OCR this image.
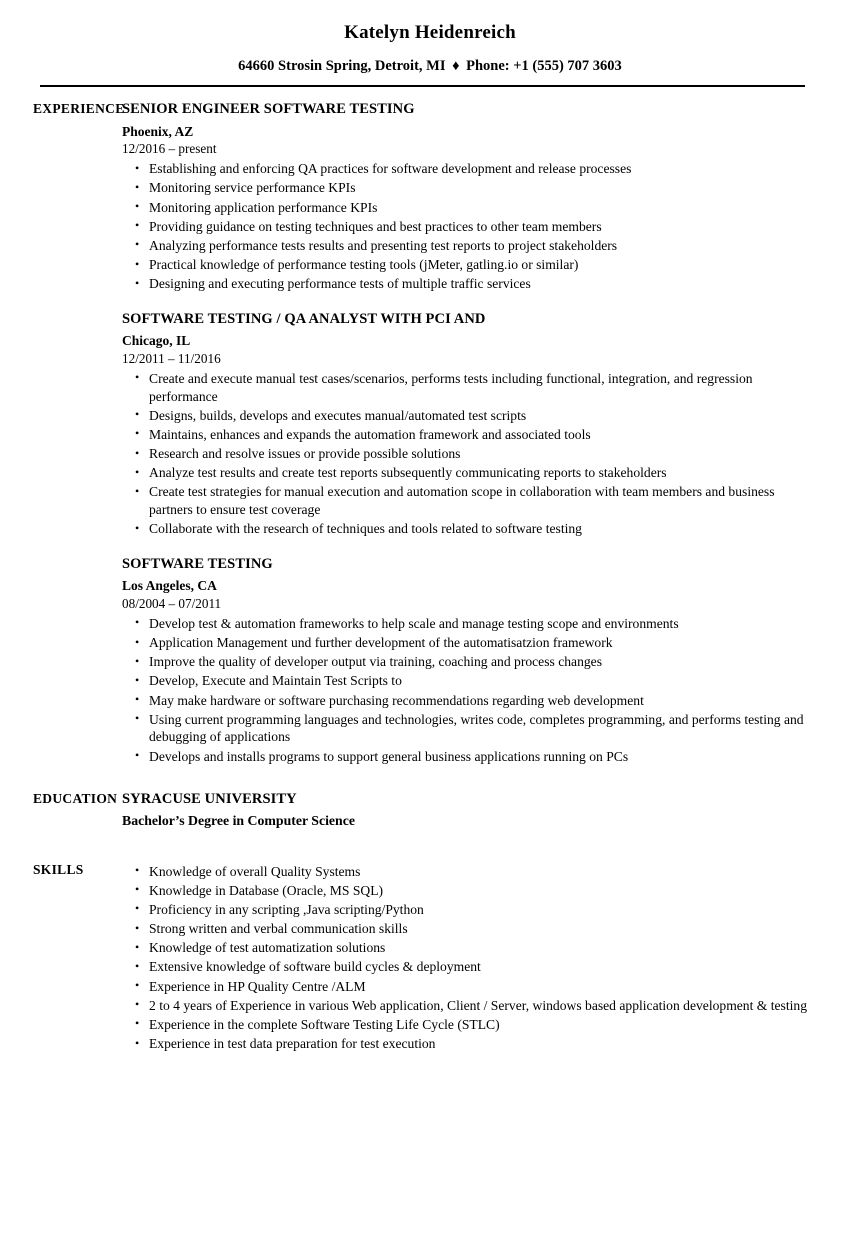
Katelyn Heidenreich
64660 Strosin Spring, Detroit, MI ♦ Phone: +1 (555) 707 3603
EXPERIENCE
SENIOR ENGINEER SOFTWARE TESTING
Phoenix, AZ
12/2016 – present
• Establishing and enforcing QA practices for software development and release processes
• Monitoring service performance KPIs
• Monitoring application performance KPIs
• Providing guidance on testing techniques and best practices to other team members
• Analyzing performance tests results and presenting test reports to project stakeholders
• Practical knowledge of performance testing tools (jMeter, gatling.io or similar)
• Designing and executing performance tests of multiple traffic services
SOFTWARE TESTING / QA ANALYST WITH PCI AND
Chicago, IL
12/2011 – 11/2016
• Create and execute manual test cases/scenarios, performs tests including functional, integration, and regression performance
• Designs, builds, develops and executes manual/automated test scripts
• Maintains, enhances and expands the automation framework and associated tools
• Research and resolve issues or provide possible solutions
• Analyze test results and create test reports subsequently communicating reports to stakeholders
• Create test strategies for manual execution and automation scope in collaboration with team members and business partners to ensure test coverage
• Collaborate with the research of techniques and tools related to software testing
SOFTWARE TESTING
Los Angeles, CA
08/2004 – 07/2011
• Develop test & automation frameworks to help scale and manage testing scope and environments
• Application Management und further development of the automatisatzion framework
• Improve the quality of developer output via training, coaching and process changes
• Develop, Execute and Maintain Test Scripts to
• May make hardware or software purchasing recommendations regarding web development
• Using current programming languages and technologies, writes code, completes programming, and performs testing and debugging of applications
• Develops and installs programs to support general business applications running on PCs
EDUCATION SYRACUSE UNIVERSITY
Bachelor’s Degree in Computer Science
SKILLS	• Knowledge of overall Quality Systems
• Knowledge in Database (Oracle, MS SQL)
• Proficiency in any scripting ,Java scripting/Python
• Strong written and verbal communication skills
• Knowledge of test automatization solutions
• Extensive knowledge of software build cycles & deployment
• Experience in HP Quality Centre /ALM
• 2 to 4 years of Experience in various Web application, Client / Server, windows based application development & testing
• Experience in the complete Software Testing Life Cycle (STLC)
• Experience in test data preparation for test execution
